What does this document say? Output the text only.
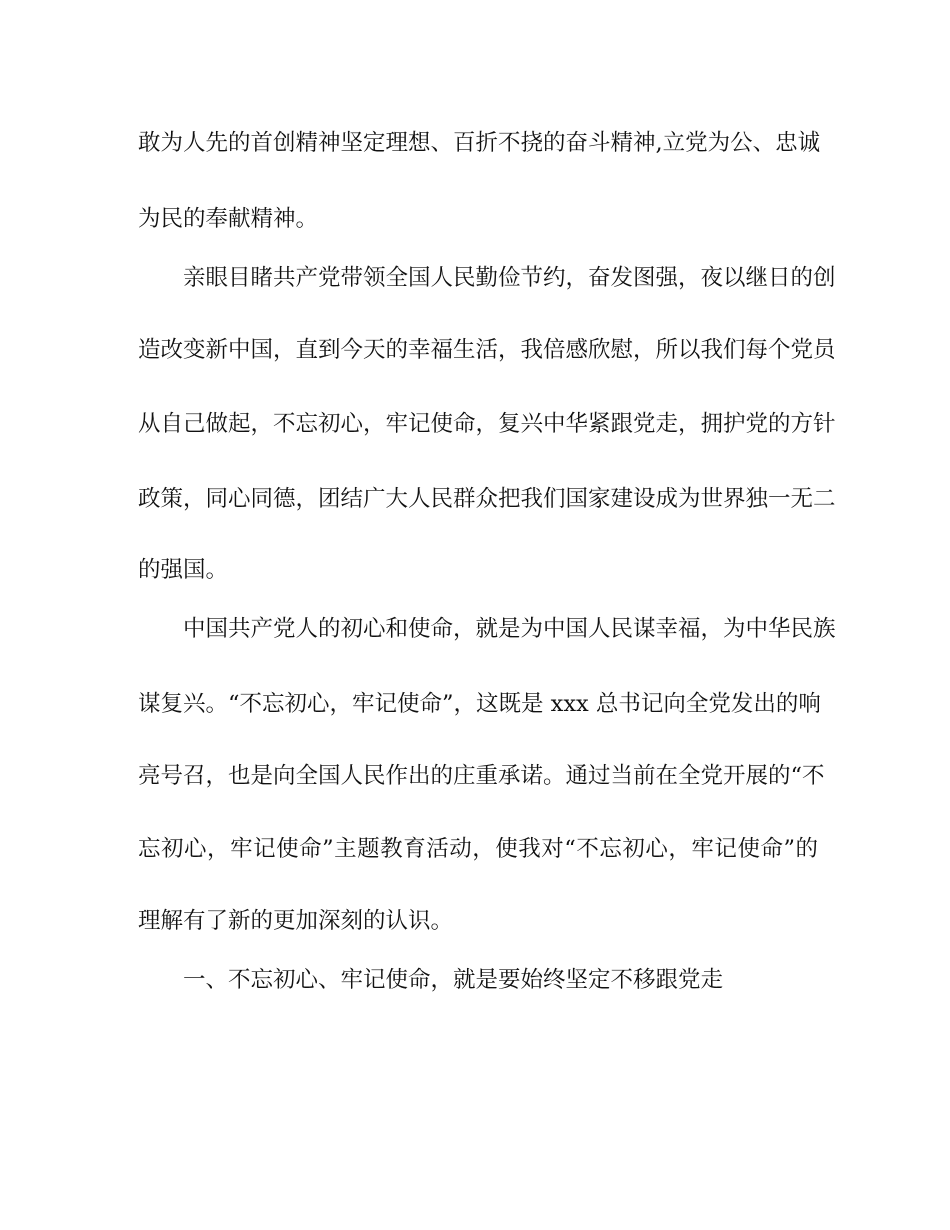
敢为人先的首创精神坚定理想、百折不挠的奋斗精神,立党为公、忠诚
为民的奉献精神。
亲眼目睹共产党带领全国人民勤俭节约，奋发图强，夜以继日的创
造改变新中国，直到今天的幸福生活，我倍感欣慰，所以我们每个党员
从自己做起，不忘初心，牢记使命，复兴中华紧跟党走，拥护党的方针
政策，同心同德，团结广大人民群众把我们国家建设成为世界独一无二
的强国。
中国共产党人的初心和使命，就是为中国人民谋幸福，为中华民族
谋复兴。“不忘初心，牢记使命”，这既是 xxx 总书记向全党发出的响
亮号召，也是向全国人民作出的庄重承诺。通过当前在全党开展的“不
忘初心，牢记使命”主题教育活动，使我对“不忘初心，牢记使命”的
理解有了新的更加深刻的认识。
一、不忘初心、牢记使命，就是要始终坚定不移跟党走
